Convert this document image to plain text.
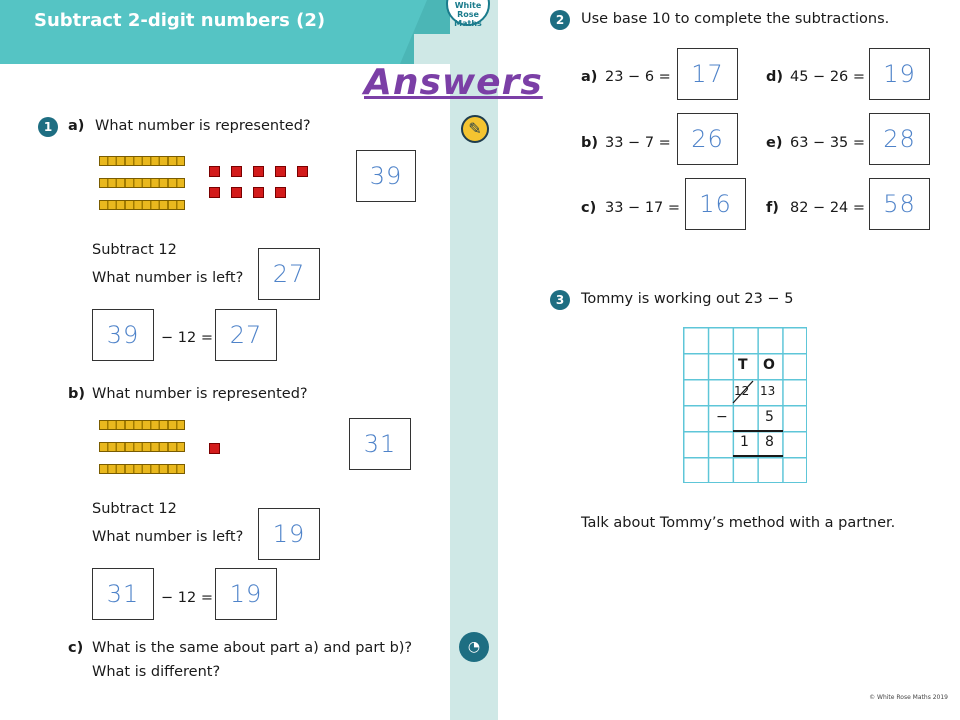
Subtract 2-digit numbers (2)
White Rose Maths
Answers
✎
◔
1	a) What number is represented?
39
Subtract 12
What number is left?	27
39	− 12 = 27
b) What number is represented?
31
Subtract 12
What number is left?	19
31	− 12 = 19
c) What is the same about part a) and part b)?
What is different?
2	Use base 10 to complete the subtractions.
a) 23 − 6 = 17	d) 45 − 26 = 19
b) 33 − 7 = 26	e) 63 − 35 = 28
c) 33 − 17 = 16	f) 82 − 24 = 58
3	Tommy is working out 23 − 5
T O
12 13
−	5
1 8
Talk about Tommy’s method with a partner.
© White Rose Maths 2019
